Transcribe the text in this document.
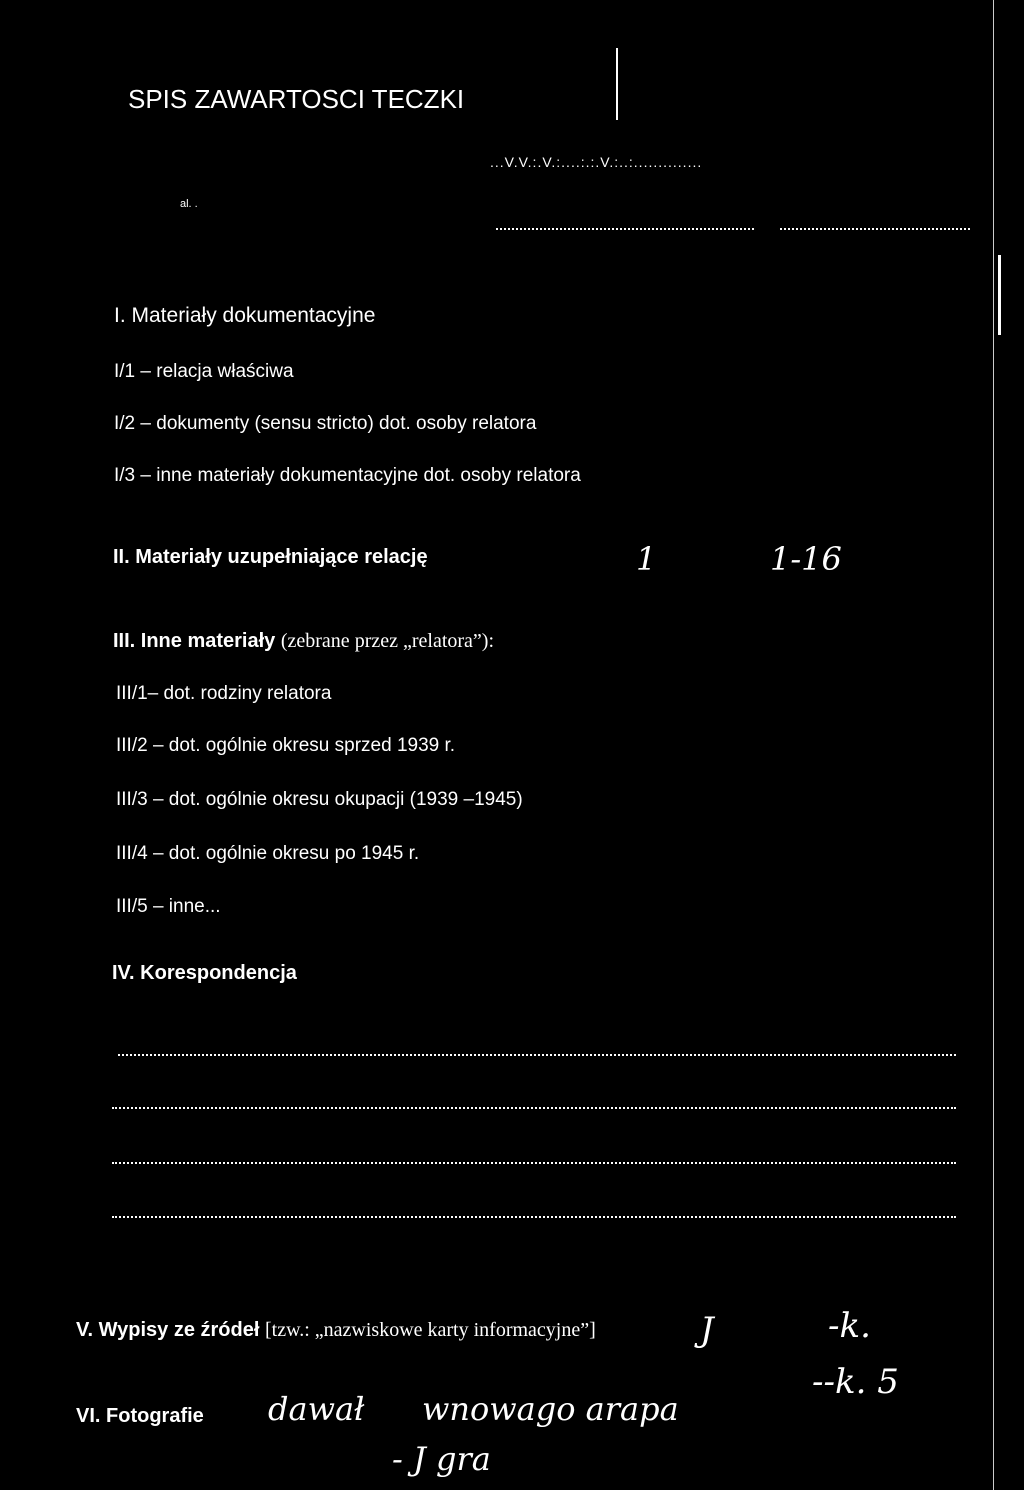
SPIS ZAWARTOSCI TECZKI
...V.V.:.V.:....:.:.V.:..:..............
al. .
I. Materiały dokumentacyjne
I/1 – relacja właściwa
I/2 – dokumenty (sensu stricto) dot. osoby relatora
I/3 – inne materiały dokumentacyjne dot. osoby relatora
II. Materiały uzupełniające relację	1	1-16
III. Inne materiały (zebrane przez „relatora”):
III/1– dot. rodziny relatora
III/2 – dot. ogólnie okresu sprzed 1939 r.
III/3 – dot. ogólnie okresu okupacji (1939 –1945)
III/4 – dot. ogólnie okresu po 1945 r.
III/5 – inne...
IV. Korespondencja
V. Wypisy ze źródeł [tzw.: „nazwiskowe karty informacyjne”]	J	-k.
VI. Fotografie dawał wnowago arapa
- J gra
--k. 5
